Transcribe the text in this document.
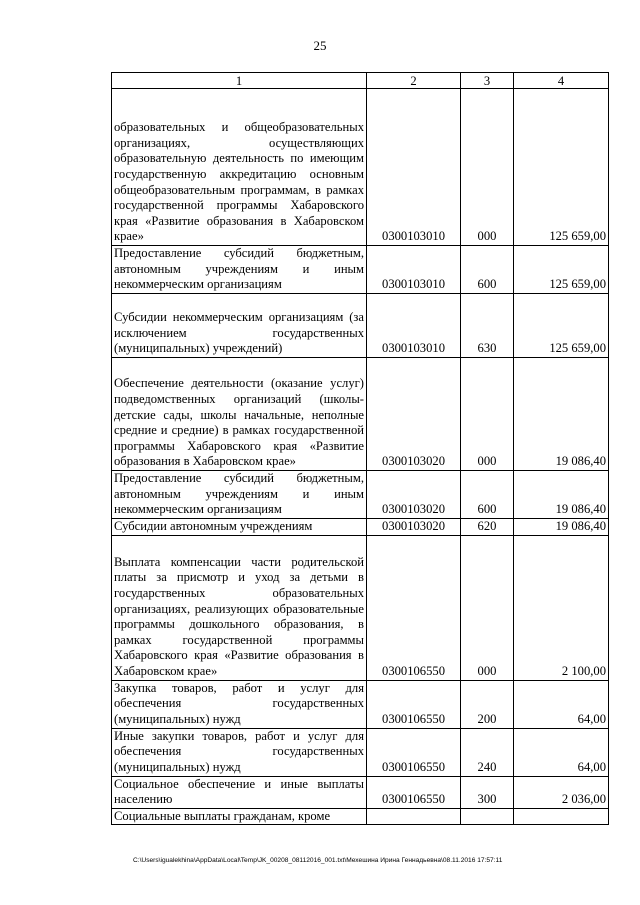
25
1	2	3	4
образовательных и общеобразовательных организациях, осуществляющих образовательную деятельность по имеющим государственную аккредитацию основным общеобразовательным программам, в рамках государственной программы Хабаровского края «Развитие образования в Хабаровском крае»	0300103010	000	125 659,00
Предоставление субсидий бюджетным, автономным учреждениям и иным некоммерческим организациям	0300103010	600	125 659,00
Субсидии некоммерческим организациям (за исключением государственных (муниципальных) учреждений)	0300103010	630	125 659,00
Обеспечение деятельности (оказание услуг) подведомственных организаций (школы-детские сады, школы начальные, неполные средние и средние) в рамках государственной программы Хабаровского края «Развитие образования в Хабаровском крае»	0300103020	000	19 086,40
Предоставление субсидий бюджетным, автономным учреждениям и иным некоммерческим организациям	0300103020	600	19 086,40
Субсидии автономным учреждениям	0300103020	620	19 086,40
Выплата компенсации части родительской платы за присмотр и уход за детьми в государственных образовательных организациях, реализующих образовательные программы дошкольного образования, в рамках государственной программы Хабаровского края «Развитие образования в Хабаровском крае»	0300106550	000	2 100,00
Закупка товаров, работ и услуг для обеспечения государственных (муниципальных) нужд	0300106550	200	64,00
Иные закупки товаров, работ и услуг для обеспечения государственных (муниципальных) нужд	0300106550	240	64,00
Социальное обеспечение и иные выплаты населению	0300106550	300	2 036,00
Социальные выплаты гражданам, кроме			
C:\Users\igualekhina\AppData\Local\Temp\JK_00208_08112016_001.txt\Мехешина Ирина Геннадьевна\08.11.2016 17:57:11
